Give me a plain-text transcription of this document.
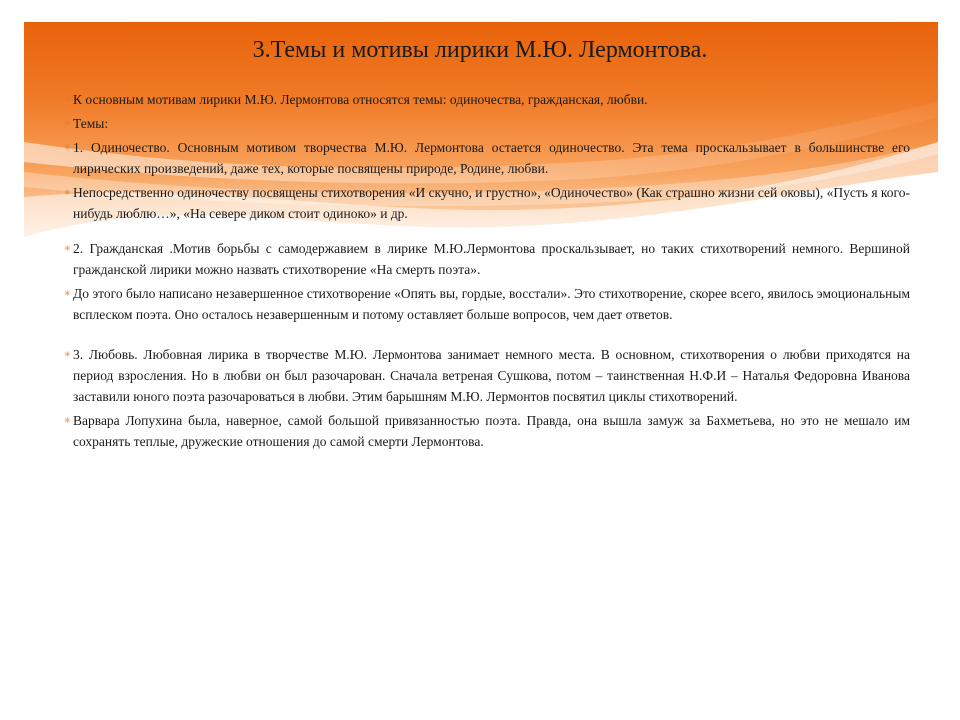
3.Темы и мотивы лирики М.Ю. Лермонтова.

✳ К основным мотивам лирики М.Ю. Лермонтова относятся темы: одиночества, гражданская, любви.

✳ Темы:

✳ 1. Одиночество. Основным мотивом творчества М.Ю. Лермонтова остается одиночество. Эта тема проскальзывает в большинстве его лирических произведений, даже тех, которые посвящены природе, Родине, любви.

✳ Непосредственно одиночеству посвящены стихотворения «И скучно, и грустно», «Одиночество» (Как страшно жизни сей оковы), «Пусть я кого-нибудь люблю…», «На севере диком стоит одиноко» и др.

✳ 2. Гражданская .Мотив борьбы с самодержавием в лирике М.Ю.Лермонтова проскальзывает, но таких стихотворений немного. Вершиной гражданской лирики можно назвать стихотворение «На смерть поэта».

✳ До этого было написано незавершенное стихотворение «Опять вы, гордые, восстали». Это стихотворение, скорее всего, явилось эмоциональным всплеском поэта. Оно осталось незавершенным и потому оставляет больше вопросов, чем дает ответов.

✳ 3. Любовь. Любовная лирика в творчестве М.Ю. Лермонтова занимает немного места. В основном, стихотворения о любви приходятся на период взросления. Но в любви он был разочарован. Сначала ветреная Сушкова, потом – таинственная Н.Ф.И – Наталья Федоровна Иванова заставили юного поэта разочароваться в любви. Этим барышням М.Ю. Лермонтов посвятил циклы стихотворений.

✳ Варвара Лопухина была, наверное, самой большой привязанностью поэта. Правда, она вышла замуж за Бахметьева, но это не мешало им сохранять теплые, дружеские отношения до самой смерти Лермонтова.
